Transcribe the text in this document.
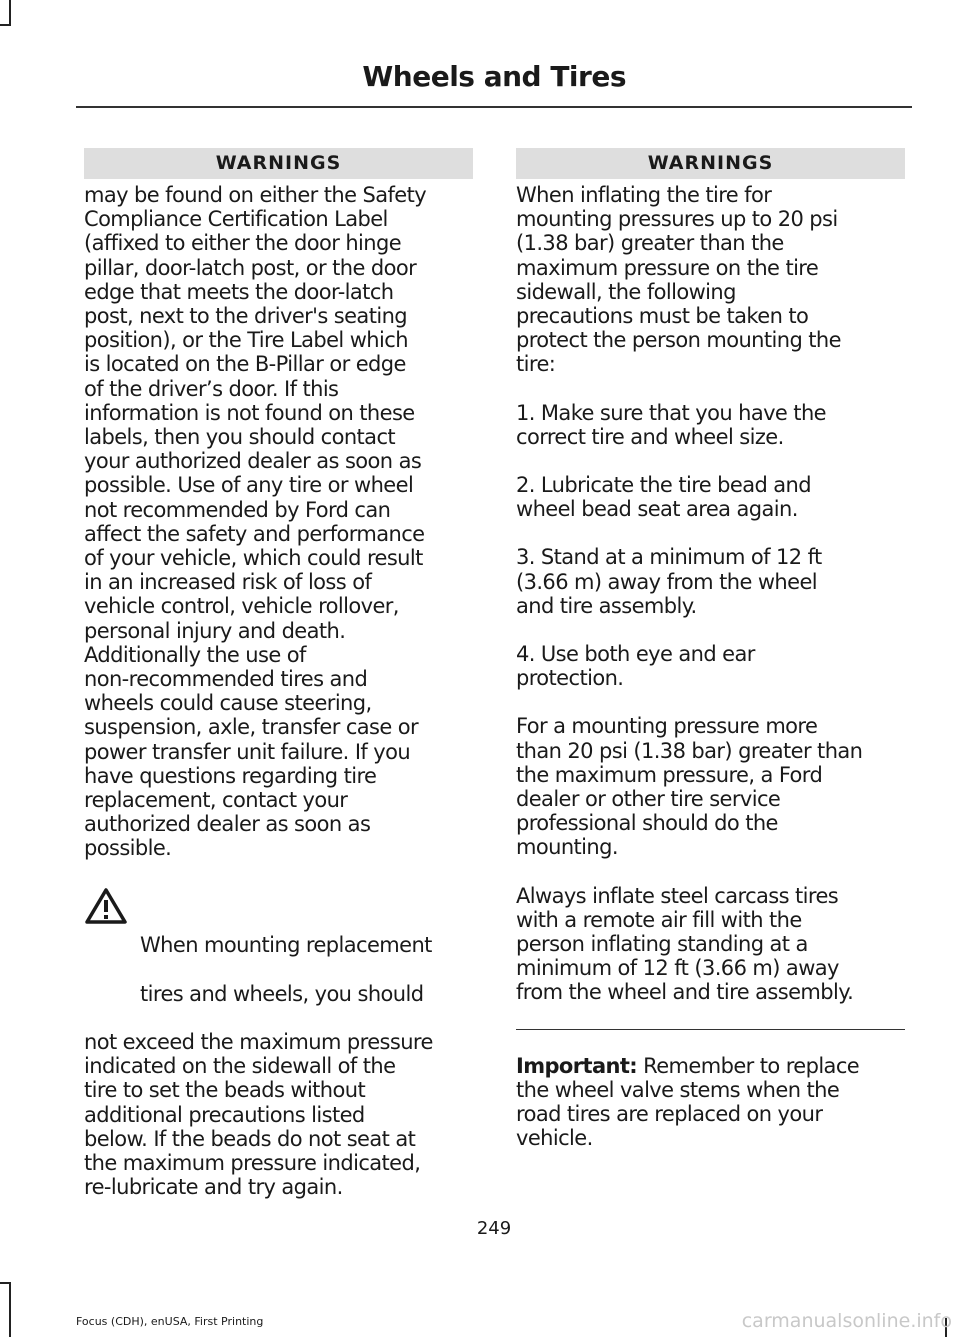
Wheels and Tires
WARNINGS

may be found on either the Safety
Compliance Certification Label
(affixed to either the door hinge
pillar, door-latch post, or the door
edge that meets the door-latch
post, next to the driver's seating
position), or the Tire Label which
is located on the B-Pillar or edge
of the driver’s door. If this
information is not found on these
labels, then you should contact
your authorized dealer as soon as
possible. Use of any tire or wheel
not recommended by Ford can
affect the safety and performance
of your vehicle, which could result
in an increased risk of loss of
vehicle control, vehicle rollover,
personal injury and death.
Additionally the use of
non-recommended tires and
wheels could cause steering,
suspension, axle, transfer case or
power transfer unit failure. If you
have questions regarding tire
replacement, contact your
authorized dealer as soon as
possible.

When mounting replacement

tires and wheels, you should

not exceed the maximum pressure
indicated on the sidewall of the
tire to set the beads without
additional precautions listed
below. If the beads do not seat at
the maximum pressure indicated,
re-lubricate and try again.

WARNINGS

When inflating the tire for
mounting pressures up to 20 psi
(1.38 bar) greater than the
maximum pressure on the tire
sidewall, the following
precautions must be taken to
protect the person mounting the
tire:

1. Make sure that you have the
correct tire and wheel size.

2. Lubricate the tire bead and
wheel bead seat area again.

3. Stand at a minimum of 12 ft
(3.66 m) away from the wheel
and tire assembly.

4. Use both eye and ear
protection.

For a mounting pressure more
than 20 psi (1.38 bar) greater than
the maximum pressure, a Ford
dealer or other tire service
professional should do the
mounting.

Always inflate steel carcass tires
with a remote air fill with the
person inflating standing at a
minimum of 12 ft (3.66 m) away
from the wheel and tire assembly.

Important: Remember to replace
the wheel valve stems when the
road tires are replaced on your
vehicle.

249
Focus (CDH), enUSA, First Printing	carmanualsonline.info
